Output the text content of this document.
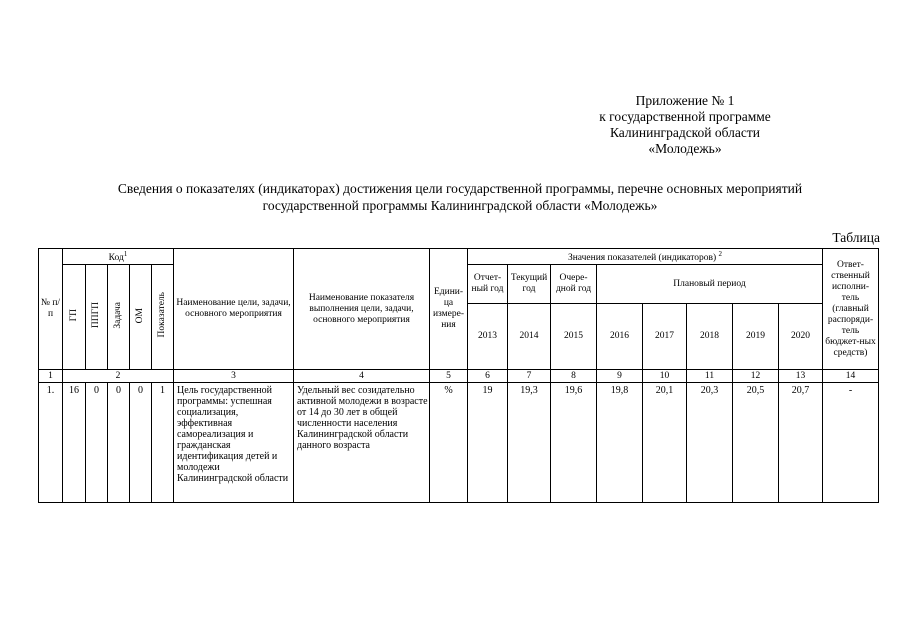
Приложение № 1
к государственной программе
Калининградской области
«Молодежь»
Сведения о показателях (индикаторах) достижения цели государственной программы, перечне основных мероприятий
государственной программы Калининградской области «Молодежь»
Таблица
№ п/п	Код$^1$					Наименование цели, задачи, основного мероприятия	Наименование показателя выполнения цели, задачи, основного мероприятия	Едини-ца измере-ния	Значения показателей (индикаторов) $^2$								Ответ-ственный исполни-тель (главный распоряди-тель бюджет-ных средств)
	ГП	ППГП	Задача	ОМ	Показатель				Отчет-ный год	Текущий год	Очере-дной год	Плановый период					
									2013	2014	2015	2016	2017	2018	2019	2020	
1	2					3	4	5	6	7	8	9	10	11	12	13	14
1.	16	0	0	0	1	Цель государственной программы: успешная социализация, эффективная самореализация и гражданская идентификация детей и молодежи Калининградской области	Удельный вес созидательно активной молодежи в возрасте от 14 до 30 лет в общей численности населения Калининградской области данного возраста	%	19	19,3	19,6	19,8	20,1	20,3	20,5	20,7	-
